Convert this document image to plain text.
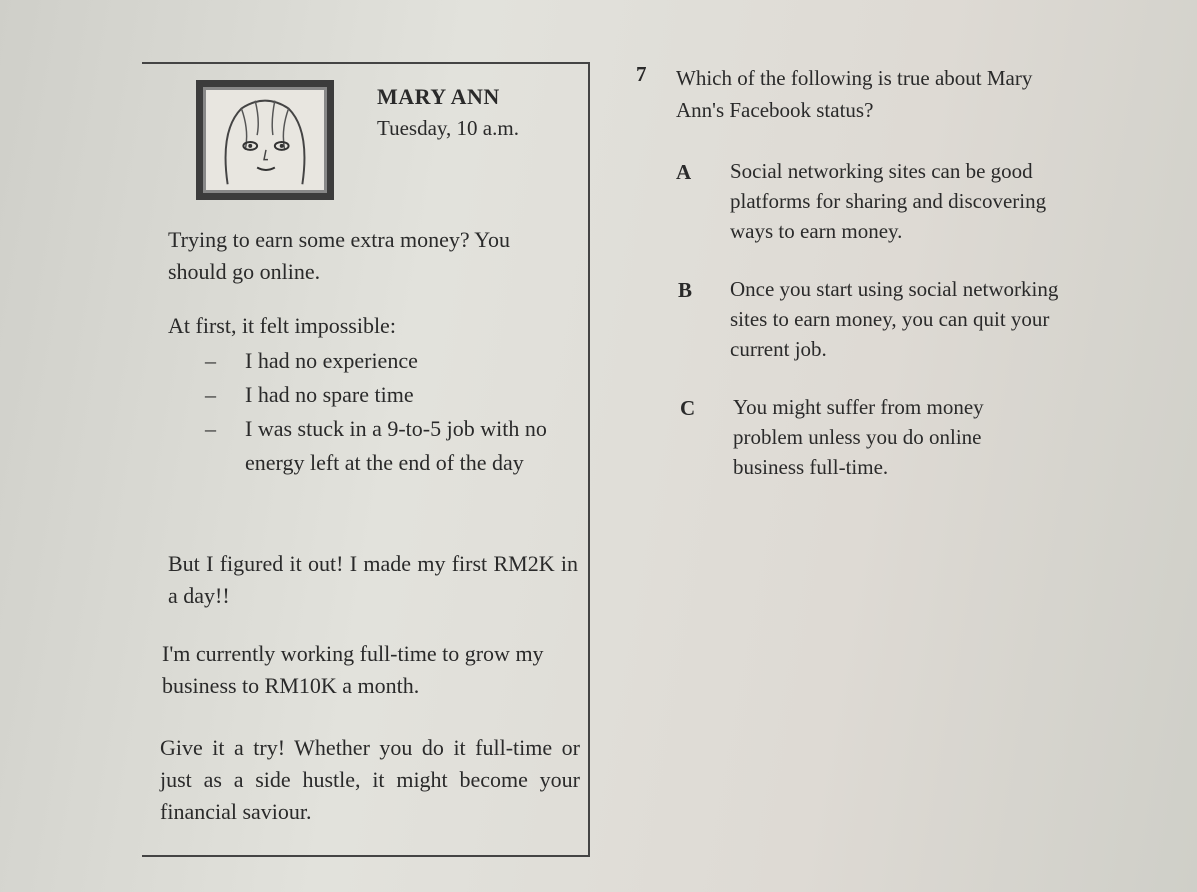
MARY ANN
Tuesday, 10 a.m.

Trying to earn some extra money? You should go online.

At first, it felt impossible:

–	I had no experience
–	I had no spare time
–	I was stuck in a 9-to-5 job with no energy left at the end of the day

But I figured it out! I made my first RM2K in a day!!

I'm currently working full-time to grow my business to RM10K a month.

Give it a try! Whether you do it full-time or just as a side hustle, it might become your financial saviour.

7 Which of the following is true about Mary Ann's Facebook status?
A Social networking sites can be good platforms for sharing and discovering ways to earn money.
B Once you start using social networking sites to earn money, you can quit your current job.
C You might suffer from money problem unless you do online business full-time.
